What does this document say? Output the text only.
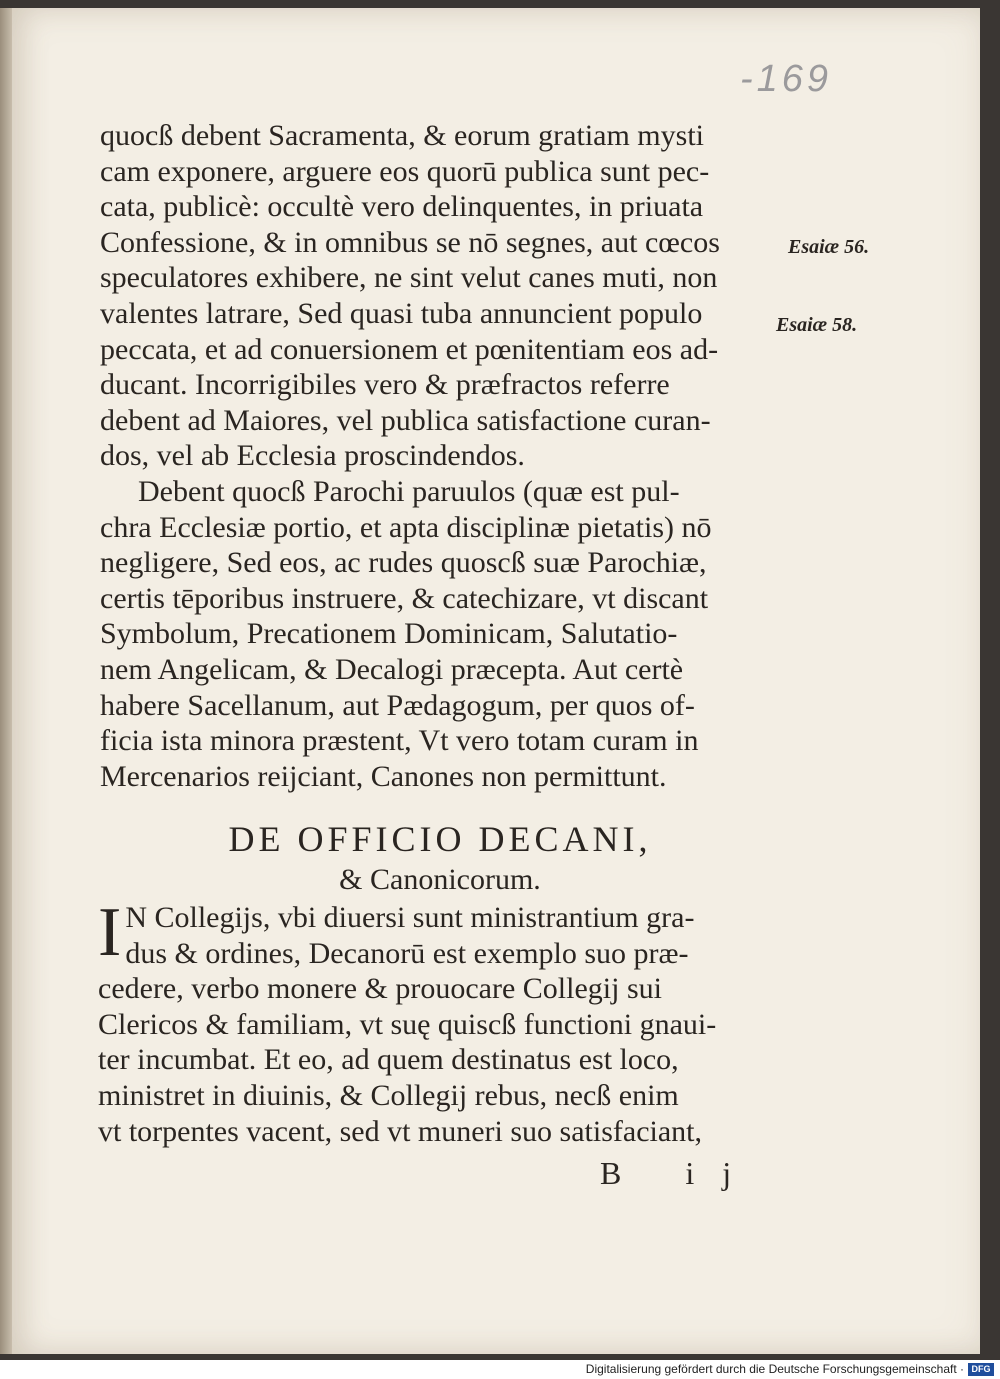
-169
quocß debent Sacramenta, & eorum gratiam mysti
cam exponere, arguere eos quorū publica sunt pec-
cata, publicè: occultè vero delinquentes, in priuata
Confessione, & in omnibus se nō segnes, aut cœcos
speculatores exhibere, ne sint velut canes muti, non
valentes latrare, Sed quasi tuba annuncient populo
peccata, et ad conuersionem et pœnitentiam eos ad-
ducant. Incorrigibiles vero & præfractos referre
debent ad Maiores, vel publica satisfactione curan-
dos, vel ab Ecclesia proscindendos.
Debent quocß Parochi paruulos (quæ est pul-
chra Ecclesiæ portio, et apta disciplinæ pietatis) nō
negligere, Sed eos, ac rudes quoscß suæ Parochiæ,
certis tēporibus instruere, & catechizare, vt discant
Symbolum, Precationem Dominicam, Salutatio-
nem Angelicam, & Decalogi præcepta. Aut certè
habere Sacellanum, aut Pædagogum, per quos of-
ficia ista minora præstent, Vt vero totam curam in
Mercenarios reijciant, Canones non permittunt.
Esaiæ 56.
Esaiæ 58.
DE OFFICIO DECANI,
& Canonicorum.
I N Collegijs, vbi diuersi sunt ministrantium gra-
dus & ordines, Decanorū est exemplo suo præ-
cedere, verbo monere & prouocare Collegij sui
Clericos & familiam, vt suę quiscß functioni gnaui-
ter incumbat. Et eo, ad quem destinatus est loco,
ministret in diuinis, & Collegij rebus, necß enim
vt torpentes vacent, sed vt muneri suo satisfaciant,
B ij
Digitalisierung gefördert durch die Deutsche Forschungsgemeinschaft · DFG
